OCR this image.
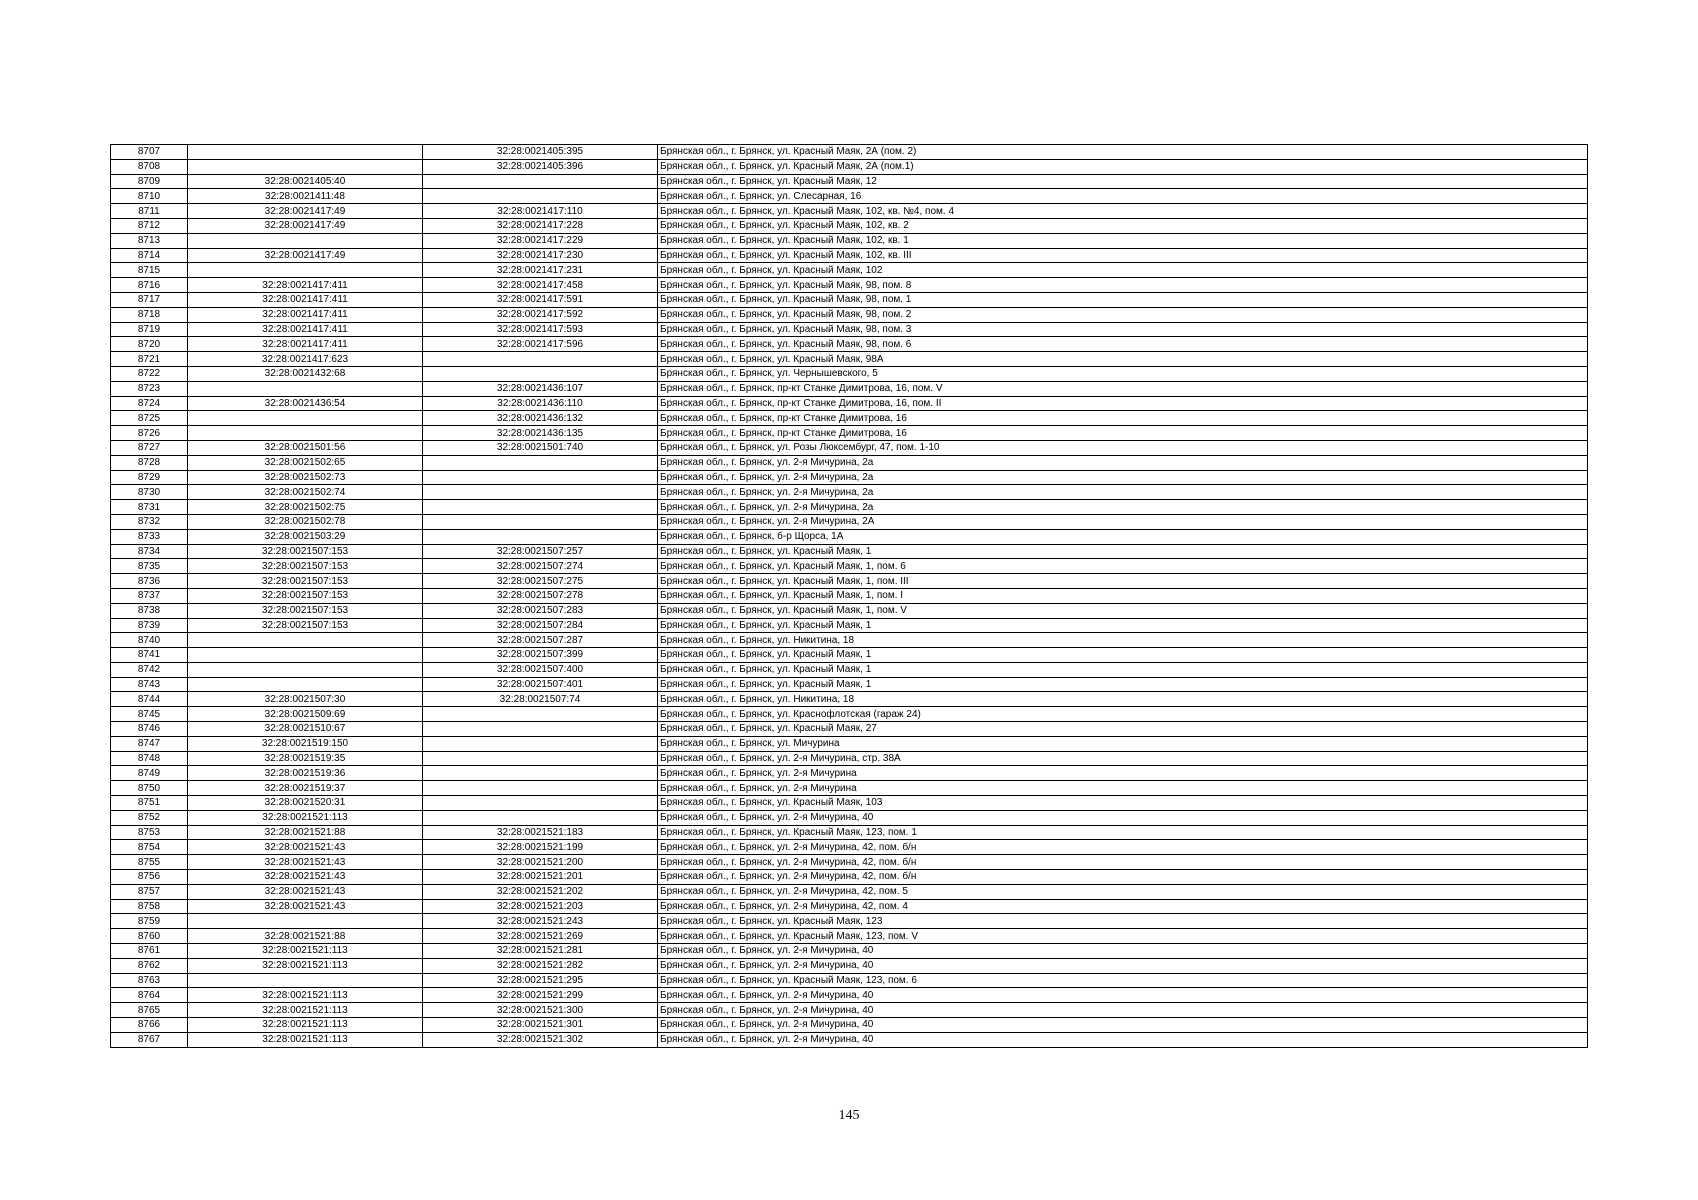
8707		32:28:0021405:395	Брянская обл., г. Брянск, ул. Красный Маяк, 2А (пом. 2)
8708		32:28:0021405:396	Брянская обл., г. Брянск, ул. Красный Маяк, 2А (пом.1)
8709	32:28:0021405:40		Брянская обл., г. Брянск, ул. Красный Маяк, 12
8710	32:28:0021411:48		Брянская обл., г. Брянск, ул. Слесарная, 16
8711	32:28:0021417:49	32:28:0021417:110	Брянская обл., г. Брянск, ул. Красный Маяк, 102, кв. №4, пом. 4
8712	32:28:0021417:49	32:28:0021417:228	Брянская обл., г. Брянск, ул. Красный Маяк, 102, кв. 2
8713		32:28:0021417:229	Брянская обл., г. Брянск, ул. Красный Маяк, 102, кв. 1
8714	32:28:0021417:49	32:28:0021417:230	Брянская обл., г. Брянск, ул. Красный Маяк, 102, кв. III
8715		32:28:0021417:231	Брянская обл., г. Брянск, ул. Красный Маяк, 102
8716	32:28:0021417:411	32:28:0021417:458	Брянская обл., г. Брянск, ул. Красный Маяк, 98, пом. 8
8717	32:28:0021417:411	32:28:0021417:591	Брянская обл., г. Брянск, ул. Красный Маяк, 98, пом. 1
8718	32:28:0021417:411	32:28:0021417:592	Брянская обл., г. Брянск, ул. Красный Маяк, 98, пом. 2
8719	32:28:0021417:411	32:28:0021417:593	Брянская обл., г. Брянск, ул. Красный Маяк, 98, пом. 3
8720	32:28:0021417:411	32:28:0021417:596	Брянская обл., г. Брянск, ул. Красный Маяк, 98, пом. 6
8721	32:28:0021417:623		Брянская обл., г. Брянск, ул. Красный Маяк, 98А
8722	32:28:0021432:68		Брянская обл., г. Брянск, ул. Чернышевского, 5
8723		32:28:0021436:107	Брянская обл., г. Брянск, пр-кт Станке Димитрова, 16, пом. V
8724	32:28:0021436:54	32:28:0021436:110	Брянская обл., г. Брянск, пр-кт Станке Димитрова, 16, пом. II
8725		32:28:0021436:132	Брянская обл., г. Брянск, пр-кт Станке Димитрова, 16
8726		32:28:0021436:135	Брянская обл., г. Брянск, пр-кт Станке Димитрова, 16
8727	32:28:0021501:56	32:28:0021501:740	Брянская обл., г. Брянск, ул. Розы Люксембург, 47, пом. 1-10
8728	32:28:0021502:65		Брянская обл., г. Брянск, ул. 2-я Мичурина, 2а
8729	32:28:0021502:73		Брянская обл., г. Брянск, ул. 2-я Мичурина, 2а
8730	32:28:0021502:74		Брянская обл., г. Брянск, ул. 2-я Мичурина, 2а
8731	32:28:0021502:75		Брянская обл., г. Брянск, ул. 2-я Мичурина, 2а
8732	32:28:0021502:78		Брянская обл., г. Брянск, ул. 2-я Мичурина, 2А
8733	32:28:0021503:29		Брянская обл., г. Брянск, б-р Щорса, 1А
8734	32:28:0021507:153	32:28:0021507:257	Брянская обл., г. Брянск, ул. Красный Маяк, 1
8735	32:28:0021507:153	32:28:0021507:274	Брянская обл., г. Брянск, ул. Красный Маяк, 1, пом. 6
8736	32:28:0021507:153	32:28:0021507:275	Брянская обл., г. Брянск, ул. Красный Маяк, 1, пом. III
8737	32:28:0021507:153	32:28:0021507:278	Брянская обл., г. Брянск, ул. Красный Маяк, 1, пом. I
8738	32:28:0021507:153	32:28:0021507:283	Брянская обл., г. Брянск, ул. Красный Маяк, 1, пом. V
8739	32:28:0021507:153	32:28:0021507:284	Брянская обл., г. Брянск, ул. Красный Маяк, 1
8740		32:28:0021507:287	Брянская обл., г. Брянск, ул. Никитина, 18
8741		32:28:0021507:399	Брянская обл., г. Брянск, ул. Красный Маяк, 1
8742		32:28:0021507:400	Брянская обл., г. Брянск, ул. Красный Маяк, 1
8743		32:28:0021507:401	Брянская обл., г. Брянск, ул. Красный Маяк, 1
8744	32:28:0021507:30	32:28:0021507:74	Брянская обл., г. Брянск, ул. Никитина, 18
8745	32:28:0021509:69		Брянская обл., г. Брянск, ул. Краснофлотская (гараж 24)
8746	32:28:0021510:67		Брянская обл., г. Брянск, ул. Красный Маяк, 27
8747	32:28:0021519:150		Брянская обл., г. Брянск, ул. Мичурина
8748	32:28:0021519:35		Брянская обл., г. Брянск, ул. 2-я Мичурина, стр. 38А
8749	32:28:0021519:36		Брянская обл., г. Брянск, ул. 2-я Мичурина
8750	32:28:0021519:37		Брянская обл., г. Брянск, ул. 2-я Мичурина
8751	32:28:0021520:31		Брянская обл., г. Брянск, ул. Красный Маяк, 103
8752	32:28:0021521:113		Брянская обл., г. Брянск, ул. 2-я Мичурина, 40
8753	32:28:0021521:88	32:28:0021521:183	Брянская обл., г. Брянск, ул. Красный Маяк, 123, пом. 1
8754	32:28:0021521:43	32:28:0021521:199	Брянская обл., г. Брянск, ул. 2-я Мичурина, 42, пом. б/н
8755	32:28:0021521:43	32:28:0021521:200	Брянская обл., г. Брянск, ул. 2-я Мичурина, 42, пом. б/н
8756	32:28:0021521:43	32:28:0021521:201	Брянская обл., г. Брянск, ул. 2-я Мичурина, 42, пом. б/н
8757	32:28:0021521:43	32:28:0021521:202	Брянская обл., г. Брянск, ул. 2-я Мичурина, 42, пом. 5
8758	32:28:0021521:43	32:28:0021521:203	Брянская обл., г. Брянск, ул. 2-я Мичурина, 42, пом. 4
8759		32:28:0021521:243	Брянская обл., г. Брянск, ул. Красный Маяк, 123
8760	32:28:0021521:88	32:28:0021521:269	Брянская обл., г. Брянск, ул. Красный Маяк, 123, пом. V
8761	32:28:0021521:113	32:28:0021521:281	Брянская обл., г. Брянск, ул. 2-я Мичурина, 40
8762	32:28:0021521:113	32:28:0021521:282	Брянская обл., г. Брянск, ул. 2-я Мичурина, 40
8763		32:28:0021521:295	Брянская обл., г. Брянск, ул. Красный Маяк, 123, пом. 6
8764	32:28:0021521:113	32:28:0021521:299	Брянская обл., г. Брянск, ул. 2-я Мичурина, 40
8765	32:28:0021521:113	32:28:0021521:300	Брянская обл., г. Брянск, ул. 2-я Мичурина, 40
8766	32:28:0021521:113	32:28:0021521:301	Брянская обл., г. Брянск, ул. 2-я Мичурина, 40
8767	32:28:0021521:113	32:28:0021521:302	Брянская обл., г. Брянск, ул. 2-я Мичурина, 40
145
